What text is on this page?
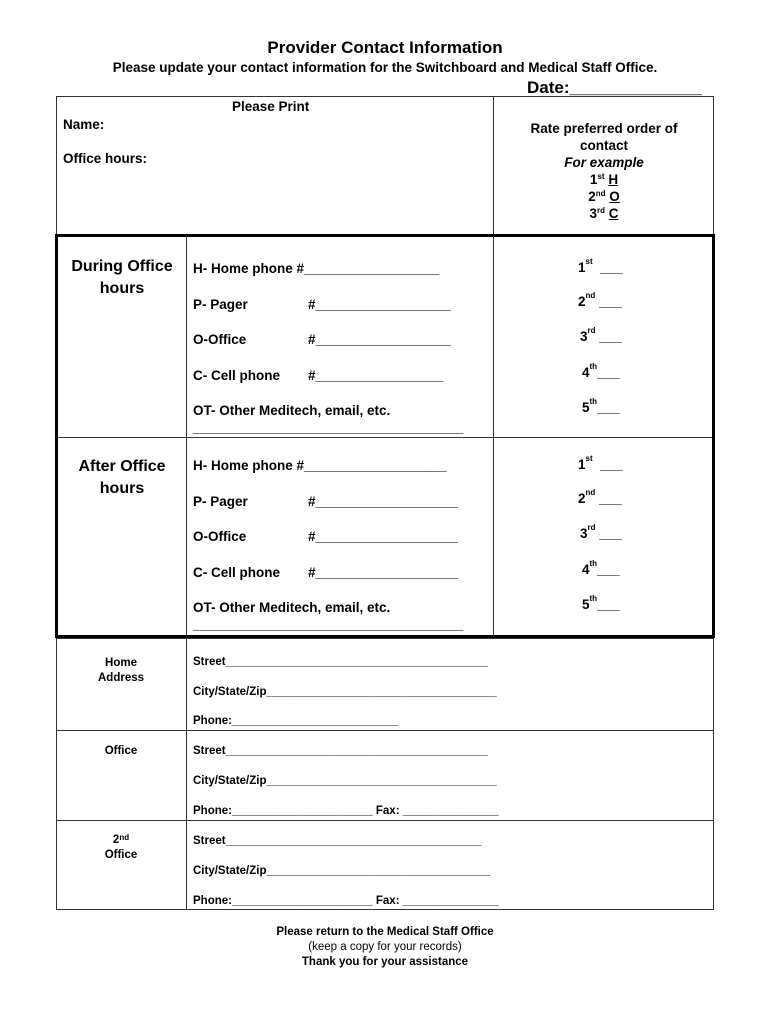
Provider Contact Information
Please update your contact information for the Switchboard and Medical Staff Office.
Date:______________
Please Print
Name:
Office hours:
Rate preferred order of
contact
For example
1st H
2nd O
3rd C
During Office hours
H- Home phone #__________________
P- Pager	#__________________
O-Office	#__________________
C- Cell phone #_________________
OT- Other Meditech, email, etc.
____________________________________
1st ___
2nd ___
3rd ___
4th___
5th___
After Office hours
H- Home phone #___________________
P- Pager	#___________________
O-Office	#___________________
C- Cell phone #___________________
OT- Other Meditech, email, etc.
____________________________________
1st ___
2nd ___
3rd ___
4th___
5th___
Home
Address
Street_________________________________________
City/State/Zip____________________________________
Phone:__________________________
Office	Street_________________________________________
City/State/Zip____________________________________
Phone:______________________ Fax: _______________
2nd
Office
Street________________________________________
City/State/Zip___________________________________
Phone:______________________ Fax: _______________
Please return to the Medical Staff Office
(keep a copy for your records)
Thank you for your assistance
